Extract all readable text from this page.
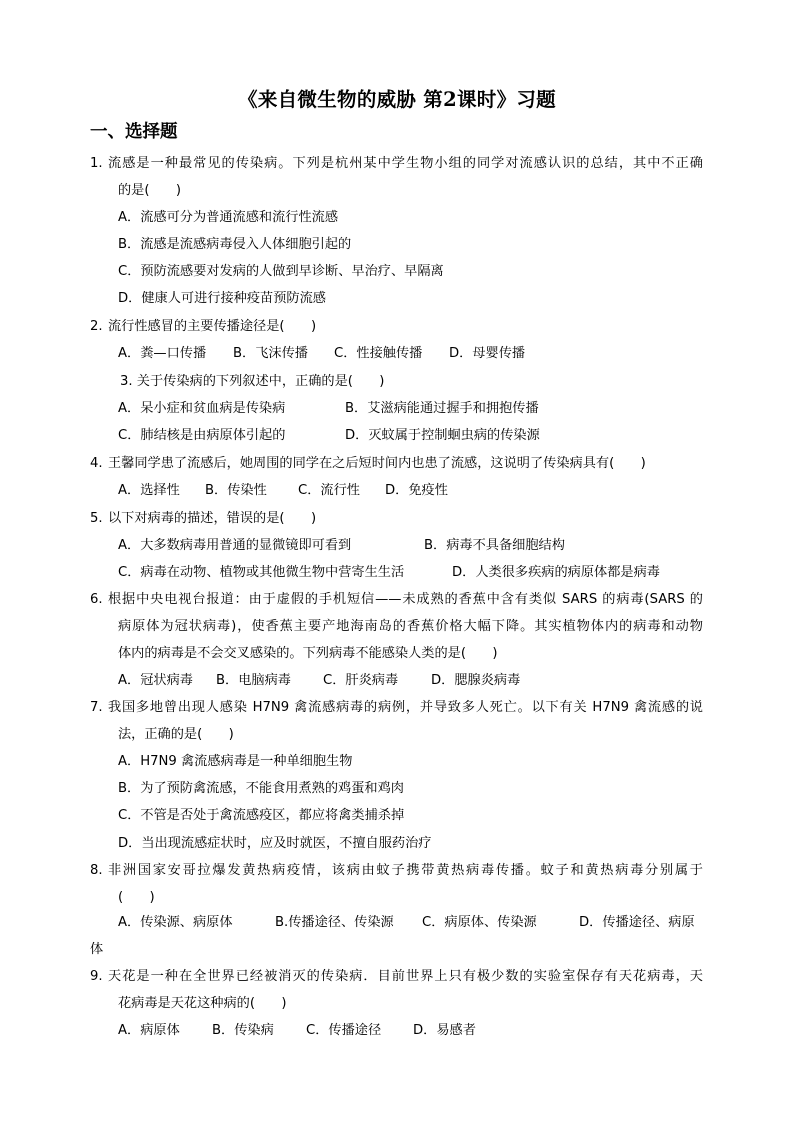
《来自微生物的威胁 第2课时》习题
一、选择题
1. 流感是一种最常见的传染病。下列是杭州某中学生物小组的同学对流感认识的总结，其中不正确
的是(　　)
A．流感可分为普通流感和流行性流感
B．流感是流感病毒侵入人体细胞引起的
C．预防流感要对发病的人做到早诊断、早治疗、早隔离
D．健康人可进行接种疫苗预防流感
2. 流行性感冒的主要传播途径是(　　)
A．粪—口传播 B．飞沫传播 C．性接触传播 D．母婴传播
3. 关于传染病的下列叙述中，正确的是(　　)
A．呆小症和贫血病是传染病	B．艾滋病能通过握手和拥抱传播
C．肺结核是由病原体引起的	D．灭蚊属于控制蛔虫病的传染源
4. 王馨同学患了流感后，她周围的同学在之后短时间内也患了流感，这说明了传染病具有(　　)
A．选择性 B．传染性 C．流行性 D．免疫性
5. 以下对病毒的描述，错误的是(　　)
A．大多数病毒用普通的显微镜即可看到	B．病毒不具备细胞结构
C．病毒在动物、植物或其他微生物中营寄生生活	D．人类很多疾病的病原体都是病毒
6. 根据中央电视台报道：由于虚假的手机短信——未成熟的香蕉中含有类似 SARS 的病毒(SARS 的
病原体为冠状病毒)，使香蕉主要产地海南岛的香蕉价格大幅下降。其实植物体内的病毒和动物
体内的病毒是不会交叉感染的。下列病毒不能感染人类的是(　　)
A．冠状病毒 B．电脑病毒 C．肝炎病毒 D．腮腺炎病毒
7. 我国多地曾出现人感染 H7N9 禽流感病毒的病例，并导致多人死亡。以下有关 H7N9 禽流感的说
法，正确的是(　　)
A．H7N9 禽流感病毒是一种单细胞生物
B．为了预防禽流感，不能食用煮熟的鸡蛋和鸡肉
C．不管是否处于禽流感疫区，都应将禽类捕杀掉
D．当出现流感症状时，应及时就医，不擅自服药治疗
8. 非洲国家安哥拉爆发黄热病疫情，该病由蚊子携带黄热病毒传播。蚊子和黄热病毒分别属于
(　　)
A．传染源、病原体	B.传播途径、传染源 C．病原体、传染源	D．传播途径、病原
体
9. 天花是一种在全世界已经被消灭的传染病．目前世界上只有极少数的实验室保存有天花病毒，天
花病毒是天花这种病的(　　)
A．病原体 B．传染病 C．传播途径 D．易感者
